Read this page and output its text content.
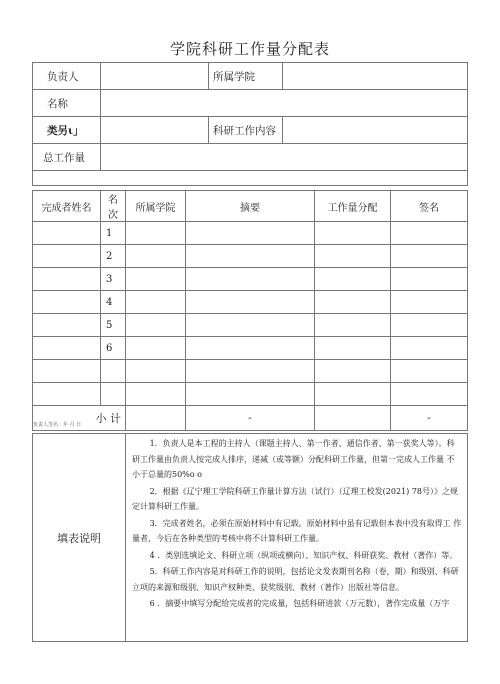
学院科研工作量分配表
负责人		所属学院	
名称			
类另ι」		科研工作内容	
总工作量			

完成者姓名	名次	所属学院	摘要	工作量分配	签名
	1				
	2				
	3				
	4				
	5				
	6				

小 计			-		-
负责人签名：年 月 日
填表说明	

1．负责人是本工程的主持人（课题主持人、第一作者、通信作者、第一获奖人等）。科研工作量由负责人按完成人排序，递减（或等额）分配科研工作量，但第一完成人工作量 不小于总量的50%o o

2．根据《辽宁理工学院科研工作量计算方法（试行）（辽理工校发(2021) 78号）》之规定计算科研工作量。

3．完成者姓名，必须在原始材料中有记载。原始材料中虽有记载但本表中没有取得工 作量者，今后在各种类型的考核中将不计算科研工作量。

4 ．类别选填论文、科研立项（纵项或横向）、知识产权、科研获奖、教材（著作）等。

5．科研工作内容是对科研工作的说明，包括论文发表期刊名称（卷，期）和级别、科研立项的来源和级别、知识产权种类、获奖级别、教材（著作）出版社等信息。

6 ．摘要中填写分配给完成者的完成量，包括科研进款（万元数），著作完成量（万字
